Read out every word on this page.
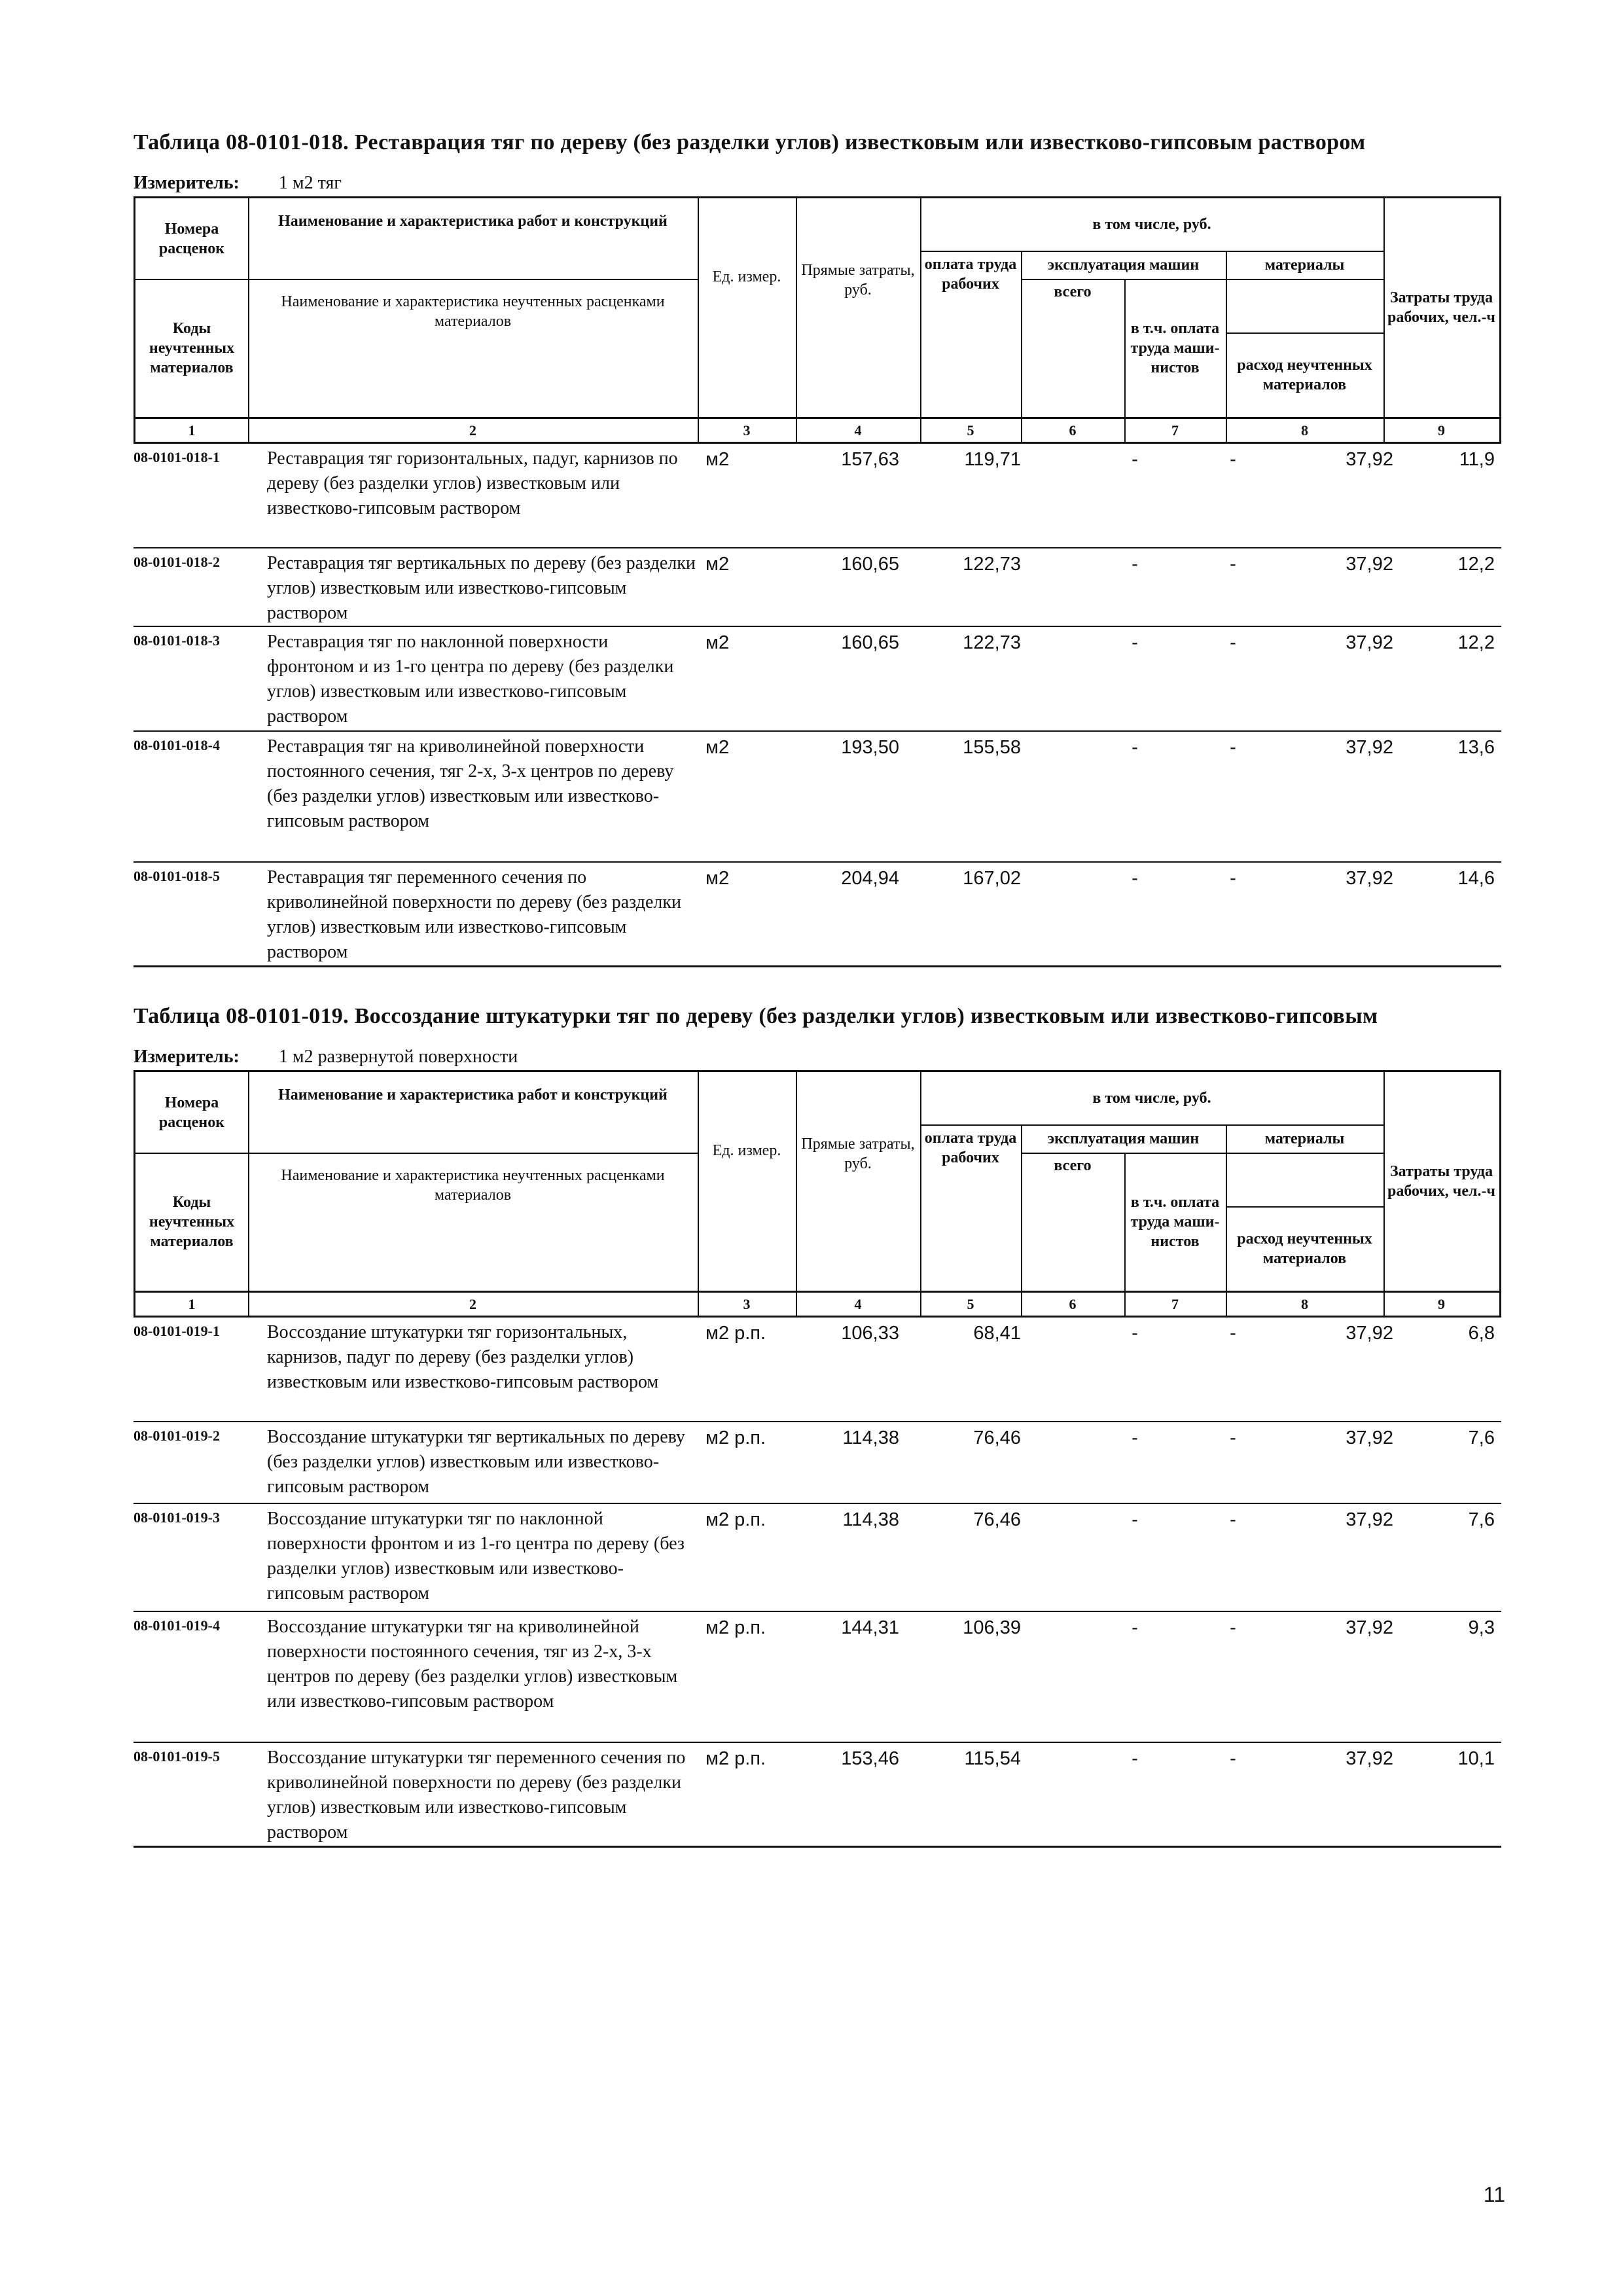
Таблица 08-0101-018. Реставрация тяг по дереву (без разделки углов) известковым или известково-гипсовым раствором
Измеритель: 1 м2 тяг
Номера расценок
Наименование и характеристика работ и конструкций
Коды неучтенных материалов
Наименование и характеристика неучтенных расценками материалов
Ед. измер.	Прямые затраты, руб.
в том числе, руб.
оплата труда рабочих
эксплуатация машин
всего
в т.ч. оплата труда маши- нистов
материалы
расход неучтенных материалов
Затраты труда рабочих, чел.-ч
1	2	3	4	5	6	7	8	9
08-0101-018-1	Реставрация тяг горизонтальных, падуг, карнизов по дереву (без разделки углов) известковым или известково-гипсовым раствором
м2	157,63	119,71	-	-	37,92	11,9
08-0101-018-2	Реставрация тяг вертикальных по дереву (без разделки углов) известковым или известково-гипсовым раствором
м2	160,65	122,73	-	-	37,92	12,2
08-0101-018-3	Реставрация тяг по наклонной поверхности фронтоном и из 1-го центра по дереву (без разделки углов) известковым или известково-гипсовым раствором
м2	160,65	122,73	-	-	37,92	12,2
08-0101-018-4	Реставрация тяг на криволинейной поверхности постоянного сечения, тяг 2-х, 3-х центров по дереву (без разделки углов) известковым или известково-гипсовым раствором
м2	193,50	155,58	-	-	37,92	13,6
08-0101-018-5	Реставрация тяг переменного сечения по криволинейной поверхности по дереву (без разделки углов) известковым или известково-гипсовым раствором
м2	204,94	167,02	-	-	37,92	14,6
Таблица 08-0101-019. Воссоздание штукатурки тяг по дереву (без разделки углов) известковым или известково-гипсовым
Измеритель: 1 м2 развернутой поверхности
Номера расценок
Наименование и характеристика работ и конструкций
Коды неучтенных материалов
Наименование и характеристика неучтенных расценками материалов
Ед. измер.	Прямые затраты, руб.
в том числе, руб.
оплата труда рабочих
эксплуатация машин
всего
в т.ч. оплата труда маши- нистов
материалы
расход неучтенных материалов
Затраты труда рабочих, чел.-ч
1	2	3	4	5	6	7	8	9
08-0101-019-1	Воссоздание штукатурки тяг горизонтальных, карнизов, падуг по дереву (без разделки углов) известковым или известково-гипсовым раствором
м2 р.п.	106,33	68,41	-	-	37,92	6,8
08-0101-019-2	Воссоздание штукатурки тяг вертикальных по дереву (без разделки углов) известковым или известково-гипсовым раствором
м2 р.п.	114,38	76,46	-	-	37,92	7,6
08-0101-019-3	Воссоздание штукатурки тяг по наклонной поверхности фронтом и из 1-го центра по дереву (без разделки углов) известковым или известково-гипсовым раствором
м2 р.п.	114,38	76,46	-	-	37,92	7,6
08-0101-019-4	Воссоздание штукатурки тяг на криволинейной поверхности постоянного сечения, тяг из 2-х, 3-х центров по дереву (без разделки углов) известковым или известково-гипсовым раствором
м2 р.п.	144,31	106,39	-	-	37,92	9,3
08-0101-019-5	Воссоздание штукатурки тяг переменного сечения по криволинейной поверхности по дереву (без разделки углов) известковым или известково-гипсовым раствором
м2 р.п.	153,46	115,54	-	-	37,92	10,1
11
